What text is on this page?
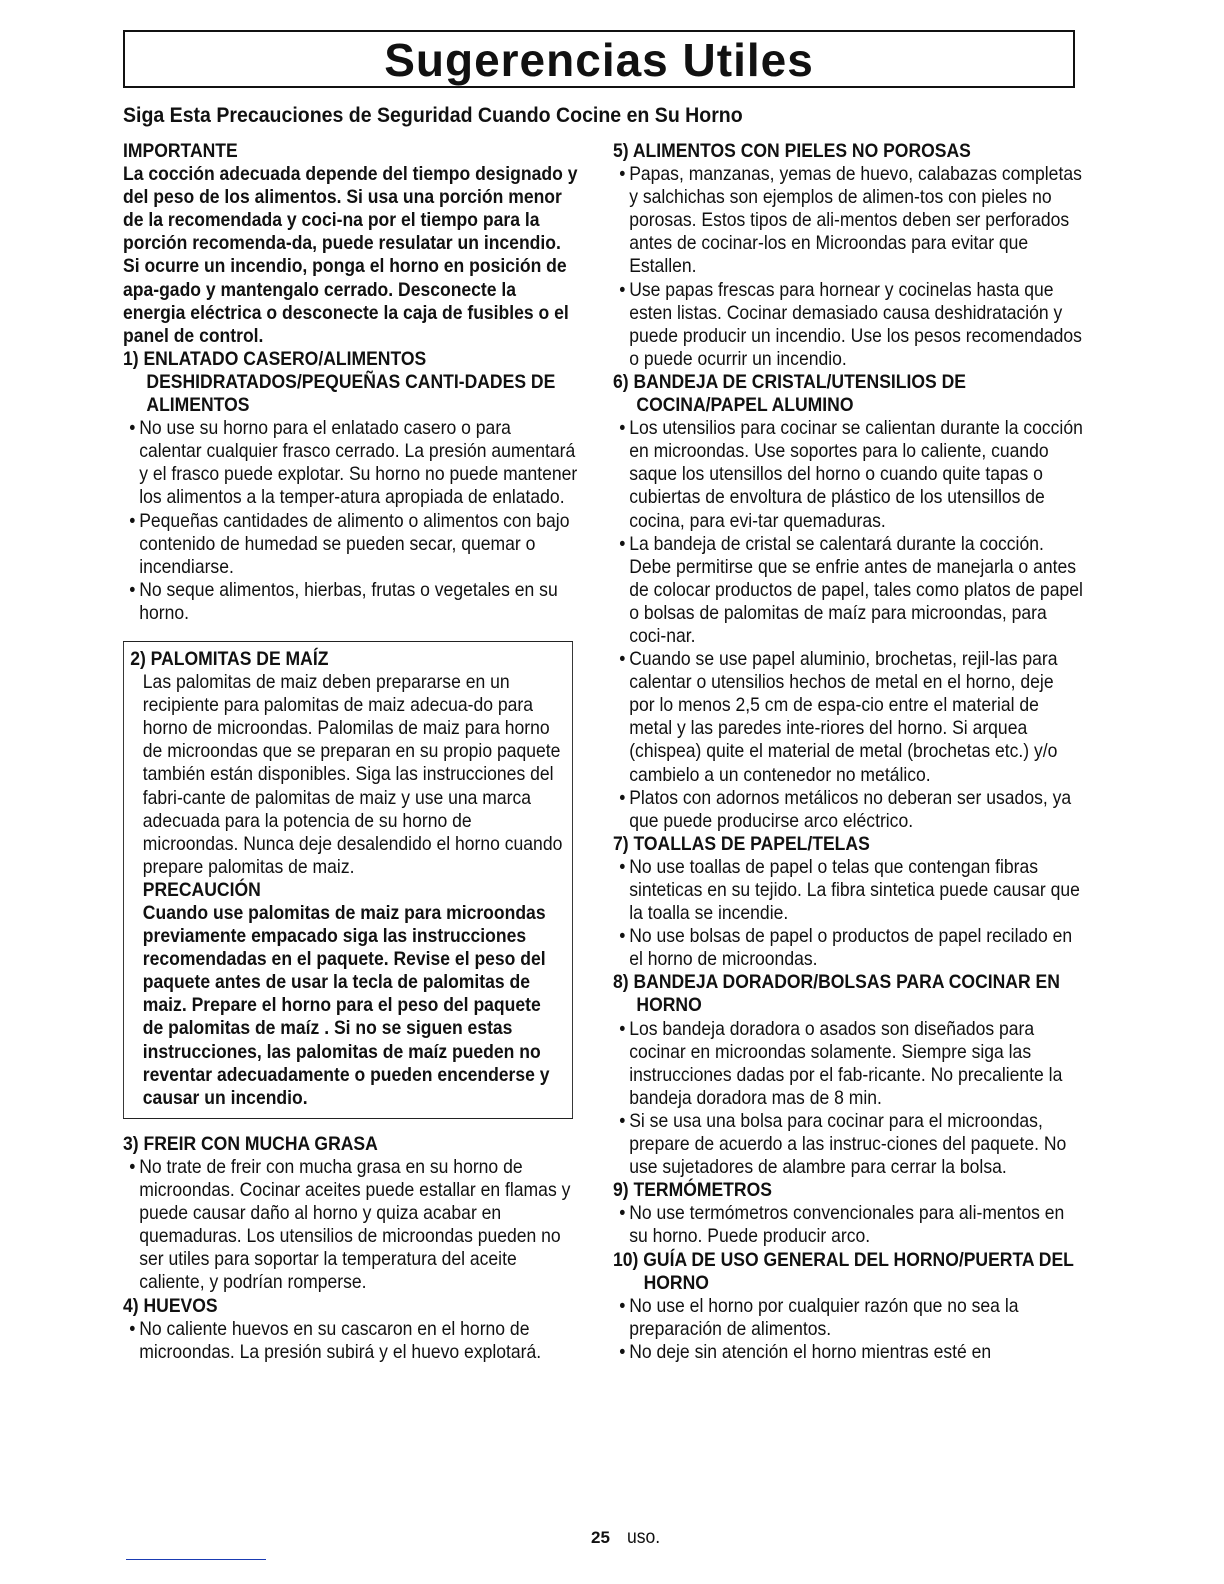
Sugerencias Utiles
Siga Esta Precauciones de Seguridad Cuando Cocine en Su Horno
IMPORTANTE
La cocción adecuada depende del tiempo designado y del peso de los alimentos. Si usa una porción menor de la recomendada y coci-na por el tiempo para la porción recomenda-da, puede resulatar un incendio. Si ocurre un incendio, ponga el horno en posición de apa-gado y mantengalo cerrado. Desconecte la energia eléctrica o desconecte la caja de fusibles o el panel de control.
1) ENLATADO CASERO/ALIMENTOS DESHIDRATADOS/PEQUEÑAS CANTI-DADES DE ALIMENTOS
• No use su horno para el enlatado casero o para calentar cualquier frasco cerrado. La presión aumentará y el frasco puede explotar. Su horno no puede mantener los alimentos a la temper-atura apropiada de enlatado.
• Pequeñas cantidades de alimento o alimentos con bajo contenido de humedad se pueden secar, quemar o incendiarse.
• No seque alimentos, hierbas, frutas o vegetales en su horno.
2) PALOMITAS DE MAÍZ
Las palomitas de maiz deben prepararse en un recipiente para palomitas de maiz adecua-do para horno de microondas. Palomilas de maiz para horno de microondas que se preparan en su propio paquete también están disponibles. Siga las instrucciones del fabri-cante de palomitas de maiz y use una marca adecuada para la potencia de su horno de microondas. Nunca deje desalendido el horno cuando prepare palomitas de maiz.
PRECAUCIÓN
Cuando use palomitas de maiz para microondas previamente empacado siga las instrucciones recomendadas en el paquete. Revise el peso del paquete antes de usar la tecla de palomitas de maiz. Prepare el horno para el peso del paquete de palomitas de maíz . Si no se siguen estas instrucciones, las palomitas de maíz pueden no reventar adecuadamente o pueden encenderse y causar un incendio.
3) FREIR CON MUCHA GRASA
• No trate de freir con mucha grasa en su horno de microondas. Cocinar aceites puede estallar en flamas y puede causar daño al horno y quiza acabar en quemaduras. Los utensilios de microondas pueden no ser utiles para soportar la temperatura del aceite caliente, y podrían romperse.
4) HUEVOS
• No caliente huevos en su cascaron en el horno de microondas. La presión subirá y el huevo explotará.
5) ALIMENTOS CON PIELES NO POROSAS
• Papas, manzanas, yemas de huevo, calabazas completas y salchichas son ejemplos de alimen-tos con pieles no porosas. Estos tipos de ali-mentos deben ser perforados antes de cocinar-los en Microondas para evitar que Estallen.
• Use papas frescas para hornear y cocinelas hasta que esten listas. Cocinar demasiado causa deshidratación y puede producir un incendio. Use los pesos recomendados o puede ocurrir un incendio.
6) BANDEJA DE CRISTAL/UTENSILIOS DE COCINA/PAPEL ALUMINO
• Los utensilios para cocinar se calientan durante la cocción en microondas. Use soportes para lo caliente, cuando saque los utensillos del horno o cuando quite tapas o cubiertas de envoltura de plástico de los utensillos de cocina, para evi-tar quemaduras.
• La bandeja de cristal se calentará durante la cocción. Debe permitirse que se enfrie antes de manejarla o antes de colocar productos de papel, tales como platos de papel o bolsas de palomitas de maíz para microondas, para coci-nar.
• Cuando se use papel aluminio, brochetas, rejil-las para calentar o utensilios hechos de metal en el horno, deje por lo menos 2,5 cm de espa-cio entre el material de metal y las paredes inte-riores del horno. Si arquea (chispea) quite el material de metal (brochetas etc.) y/o cambielo a un contenedor no metálico.
• Platos con adornos metálicos no deberan ser usados, ya que puede producirse arco eléctrico.
7) TOALLAS DE PAPEL/TELAS
• No use toallas de papel o telas que contengan fibras sinteticas en su tejido. La fibra sintetica puede causar que la toalla se incendie.
• No use bolsas de papel o productos de papel recilado en el horno de microondas.
8) BANDEJA DORADOR/BOLSAS PARA COCINAR EN HORNO
• Los bandeja doradora o asados son diseñados para cocinar en microondas solamente. Siempre siga las instrucciones dadas por el fab-ricante. No precaliente la bandeja doradora mas de 8 min.
• Si se usa una bolsa para cocinar para el microondas, prepare de acuerdo a las instruc-ciones del paquete. No use sujetadores de alambre para cerrar la bolsa.
9) TERMÓMETROS
• No use termómetros convencionales para ali-mentos en su horno. Puede producir arco.
10) GUÍA DE USO GENERAL DEL HORNO/PUERTA DEL HORNO
• No use el horno por cualquier razón que no sea la preparación de alimentos.
• No deje sin atención el horno mientras esté en
25 uso.
